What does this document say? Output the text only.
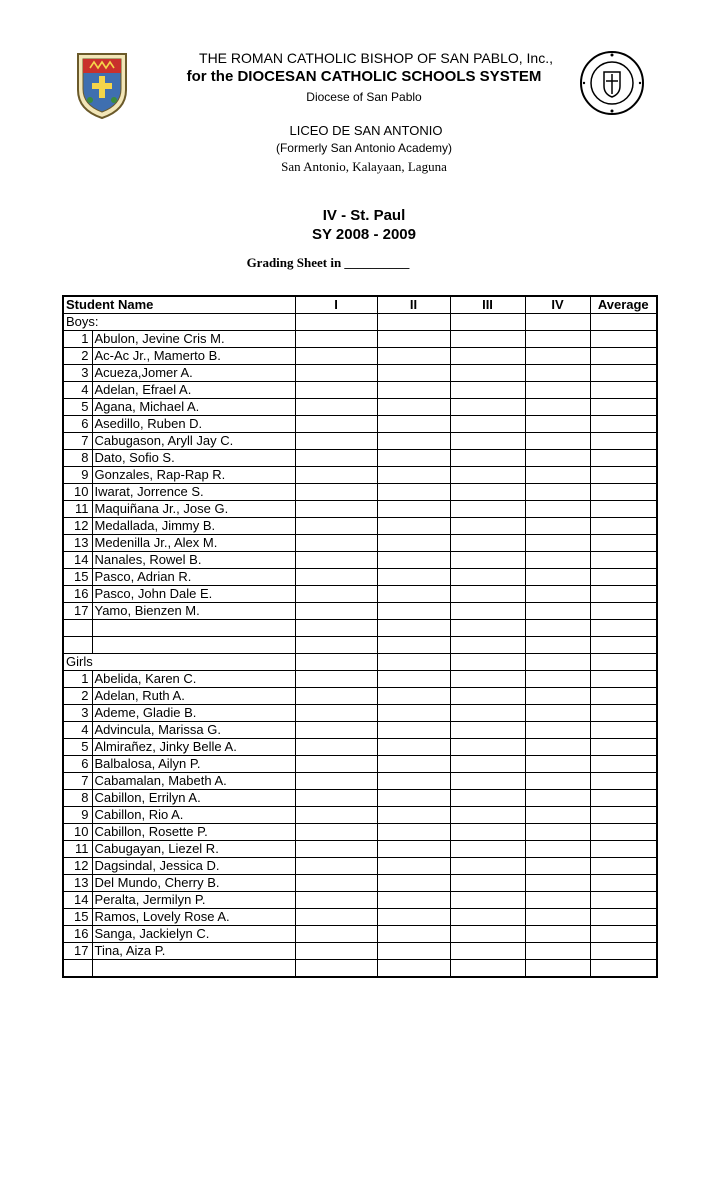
THE ROMAN CATHOLIC BISHOP OF SAN PABLO, Inc.,
for the DIOCESAN CATHOLIC SCHOOLS SYSTEM
Diocese of San Pablo
LICEO DE SAN ANTONIO
(Formerly San Antonio Academy)
San Antonio, Kalayaan, Laguna
IV - St. Paul
SY 2008 - 2009
Grading Sheet in __________
Student Name		I	II	III	IV	Average
Boys:						
1	Abulon, Jevine Cris M.					
2	Ac-Ac Jr., Mamerto B.					
3	Acueza,Jomer A.					
4	Adelan, Efrael A.					
5	Agana, Michael A.					
6	Asedillo, Ruben D.					
7	Cabugason, Aryll Jay C.					
8	Dato, Sofio S.					
9	Gonzales, Rap-Rap R.					
10	Iwarat, Jorrence S.					
11	Maquiñana Jr., Jose G.					
12	Medallada, Jimmy B.					
13	Medenilla Jr., Alex M.					
14	Nanales, Rowel B.					
15	Pasco, Adrian R.					
16	Pasco, John Dale E.					
17	Yamo, Bienzen M.					

Girls						
1	Abelida, Karen C.					
2	Adelan, Ruth A.					
3	Ademe, Gladie B.					
4	Advincula, Marissa G.					
5	Almirañez, Jinky Belle A.					
6	Balbalosa, Ailyn P.					
7	Cabamalan, Mabeth A.					
8	Cabillon, Errilyn A.					
9	Cabillon, Rio A.					
10	Cabillon, Rosette P.					
11	Cabugayan, Liezel R.					
12	Dagsindal, Jessica D.					
13	Del Mundo, Cherry B.					
14	Peralta, Jermilyn P.					
15	Ramos, Lovely Rose A.					
16	Sanga, Jackielyn C.					
17	Tina, Aiza P.					
